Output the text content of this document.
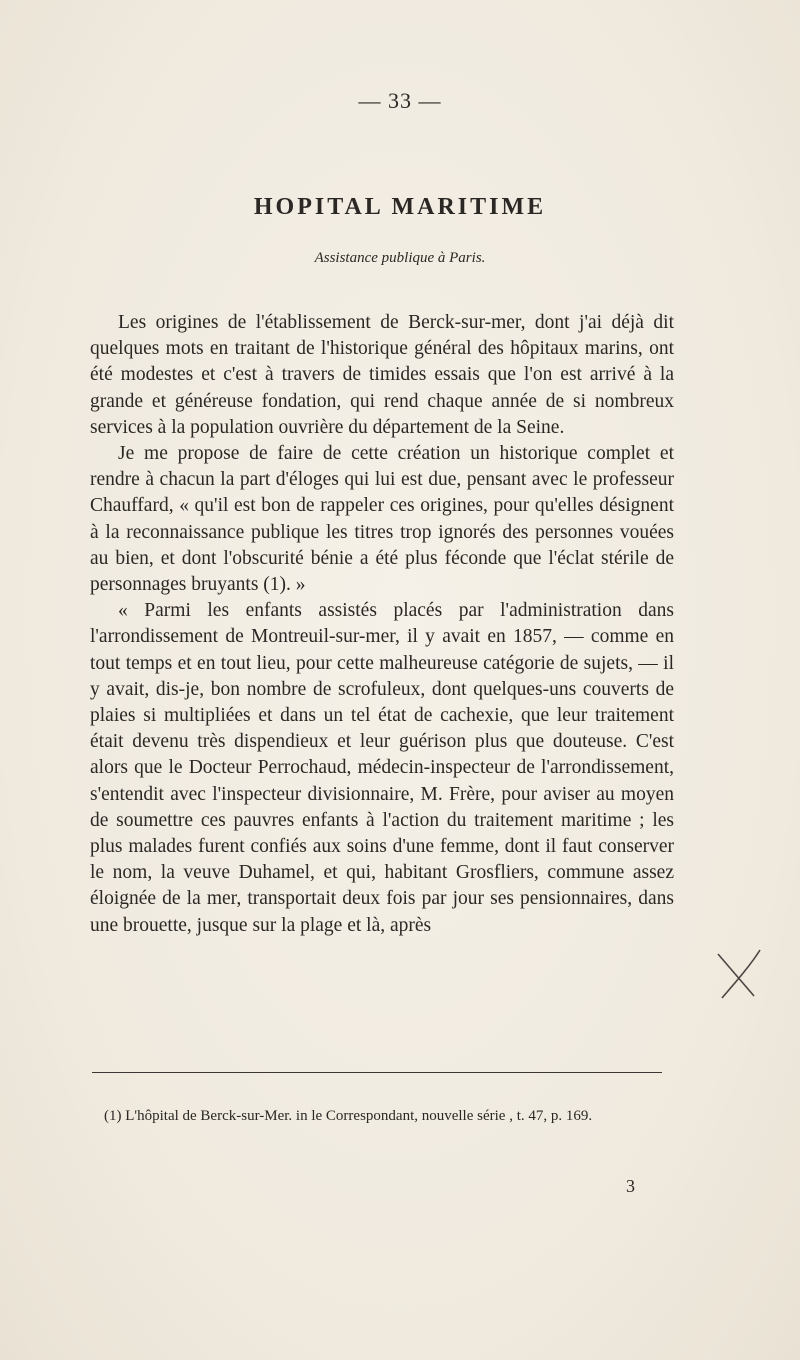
— 33 —
HOPITAL MARITIME
Assistance publique à Paris.

Les origines de l'établissement de Berck-sur-mer, dont j'ai déjà dit quelques mots en traitant de l'historique général des hôpitaux marins, ont été modestes et c'est à travers de timides essais que l'on est arrivé à la grande et généreuse fondation, qui rend chaque année de si nombreux services à la population ouvrière du département de la Seine.

Je me propose de faire de cette création un historique complet et rendre à chacun la part d'éloges qui lui est due, pensant avec le professeur Chauffard, « qu'il est bon de rappeler ces origines, pour qu'elles désignent à la reconnaissance publique les titres trop ignorés des personnes vouées au bien, et dont l'obscurité bénie a été plus féconde que l'éclat stérile de personnages bruyants (1). »

« Parmi les enfants assistés placés par l'administration dans l'arrondissement de Montreuil-sur-mer, il y avait en 1857, — comme en tout temps et en tout lieu, pour cette malheureuse catégorie de sujets, — il y avait, dis-je, bon nombre de scrofuleux, dont quelques-uns couverts de plaies si multipliées et dans un tel état de cachexie, que leur traitement était devenu très dispendieux et leur guérison plus que douteuse. C'est alors que le Docteur Perrochaud, médecin-inspecteur de l'arrondissement, s'entendit avec l'inspecteur divisionnaire, M. Frère, pour aviser au moyen de soumettre ces pauvres enfants à l'action du traitement maritime ; les plus malades furent confiés aux soins d'une femme, dont il faut conserver le nom, la veuve Duhamel, et qui, habitant Grosfliers, commune assez éloignée de la mer, transportait deux fois par jour ses pensionnaires, dans une brouette, jusque sur la plage et là, après

(1) L'hôpital de Berck-sur-Mer. in le Correspondant, nouvelle série , t. 47, p. 169.

3
